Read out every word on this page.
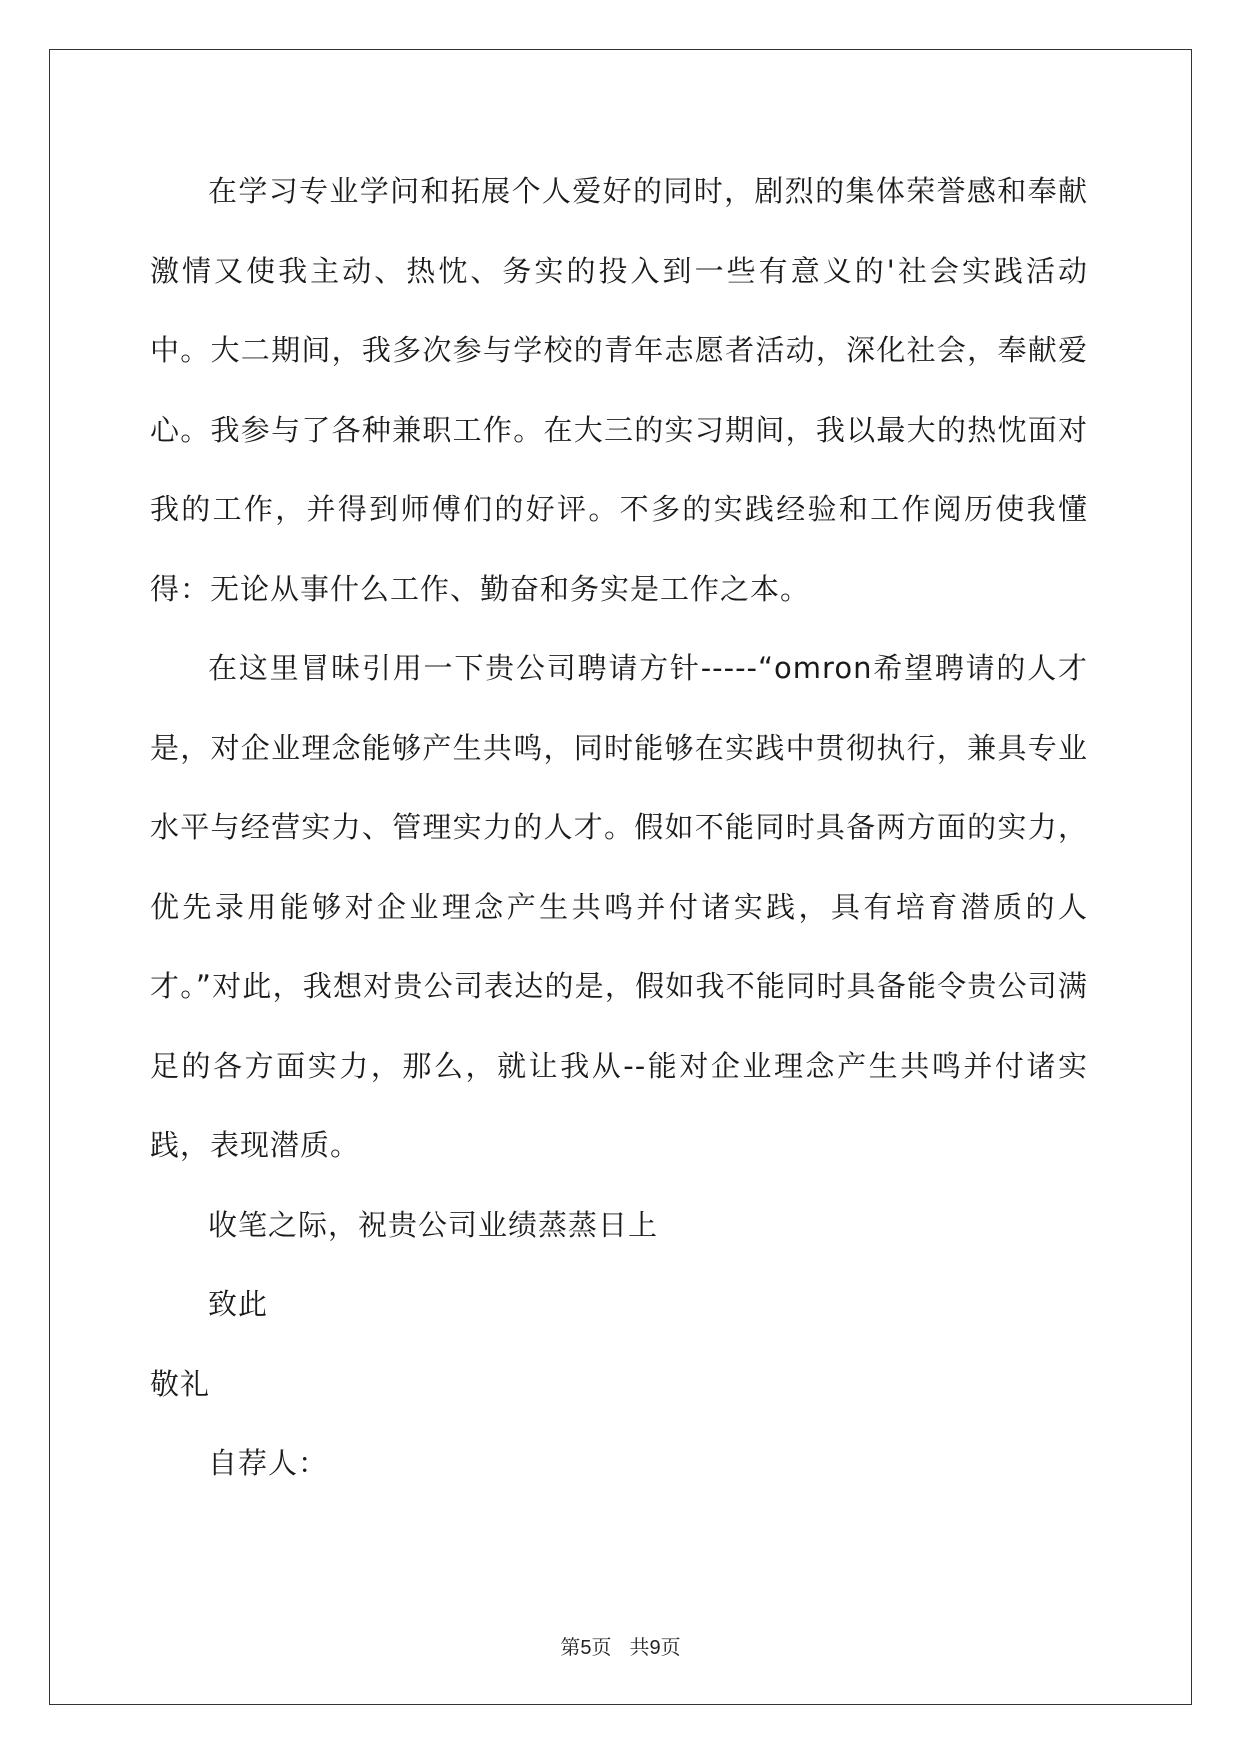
在学习专业学问和拓展个人爱好的同时，剧烈的集体荣誉感和奉献激情又使我主动、热忱、务实的投入到一些有意义的'社会实践活动中。大二期间，我多次参与学校的青年志愿者活动，深化社会，奉献爱心。我参与了各种兼职工作。在大三的实习期间，我以最大的热忱面对我的工作，并得到师傅们的好评。不多的实践经验和工作阅历使我懂得：无论从事什么工作、勤奋和务实是工作之本。

在这里冒昧引用一下贵公司聘请方针-----“omron希望聘请的人才是，对企业理念能够产生共鸣，同时能够在实践中贯彻执行，兼具专业水平与经营实力、管理实力的人才。假如不能同时具备两方面的实力，优先录用能够对企业理念产生共鸣并付诸实践，具有培育潜质的人才。”对此，我想对贵公司表达的是，假如我不能同时具备能令贵公司满足的各方面实力，那么，就让我从--能对企业理念产生共鸣并付诸实践，表现潜质。

收笔之际，祝贵公司业绩蒸蒸日上

致此

敬礼

自荐人：

第5页 共9页
